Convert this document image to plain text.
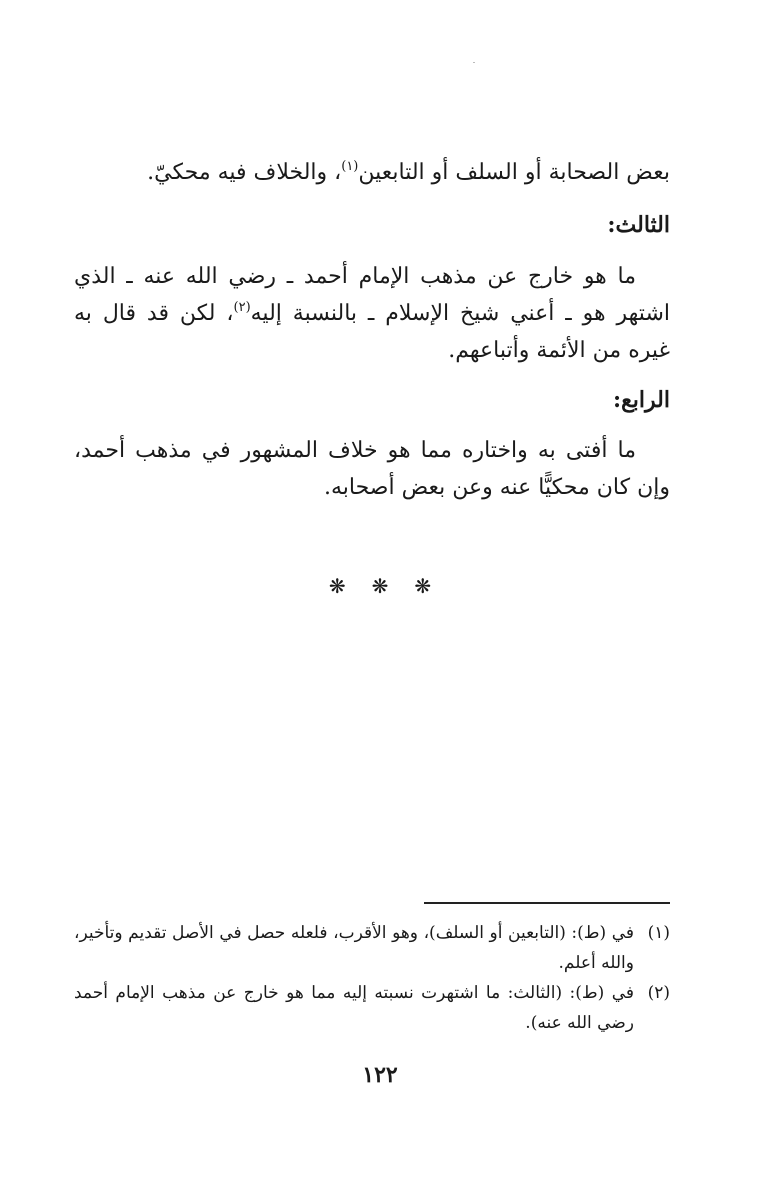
بعض الصحابة أو السلف أو التابعين$^{(١)}$، والخلاف فيه محكيّ.

الثالث:

ما هو خارج عن مذهب الإمام أحمد ـ رضي الله عنه ـ الذي اشتهر هو ـ أعني شيخ الإسلام ـ بالنسبة إليه$^{(٢)}$، لكن قد قال به غيره من الأئمة وأتباعهم.

الرابع:

ما أفتى به واختاره مما هو خلاف المشهور في مذهب أحمد، وإن كان محكيًّا عنه وعن بعض أصحابه.

❋❋❋
(١)
في (ط): (التابعين أو السلف)، وهو الأقرب، فلعله حصل في الأصل تقديم وتأخير، والله أعلم.
(٢)
في (ط): (الثالث: ما اشتهرت نسبته إليه مما هو خارج عن مذهب الإمام أحمد رضي الله عنه).
١٢٢
